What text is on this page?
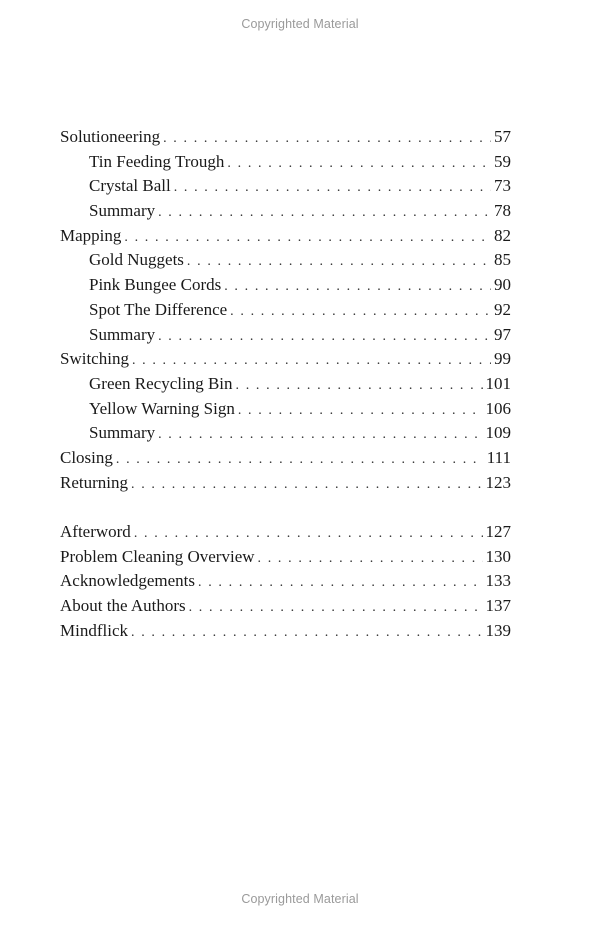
Copyrighted Material
Solutioneering . . .	57
Tin Feeding Trough . . .	59
Crystal Ball . . .	73
Summary . . .	78
Mapping . . .	82
Gold Nuggets . . .	85
Pink Bungee Cords . . .	90
Spot The Difference . . .	92
Summary . . .	97
Switching . . .	99
Green Recycling Bin . . .	101
Yellow Warning Sign . . .	106
Summary . . .	109
Closing . . .	111
Returning . . .	123
Afterword . . .	127
Problem Cleaning Overview . . .	130
Acknowledgements . . .	133
About the Authors . . .	137
Mindflick . . .	139
Copyrighted Material
